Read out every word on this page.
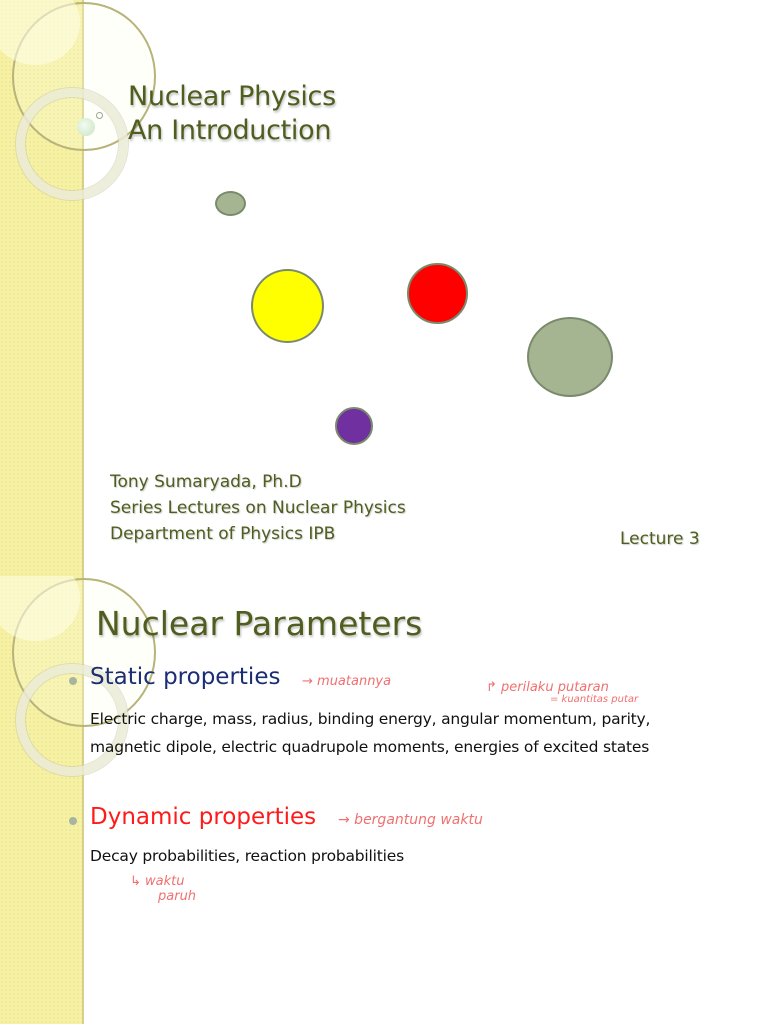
Nuclear Physics
An Introduction
Tony Sumaryada, Ph.D
Series Lectures on Nuclear Physics
Department of Physics IPB	Lecture 3
Nuclear Parameters
Static properties → muatannya	↱ perilaku putaran
= kuantitas putar
Electric charge, mass, radius, binding energy, angular momentum, parity,
magnetic dipole, electric quadrupole moments, energies of excited states
Dynamic properties → bergantung waktu
Decay probabilities, reaction probabilities
↳ waktu
paruh
